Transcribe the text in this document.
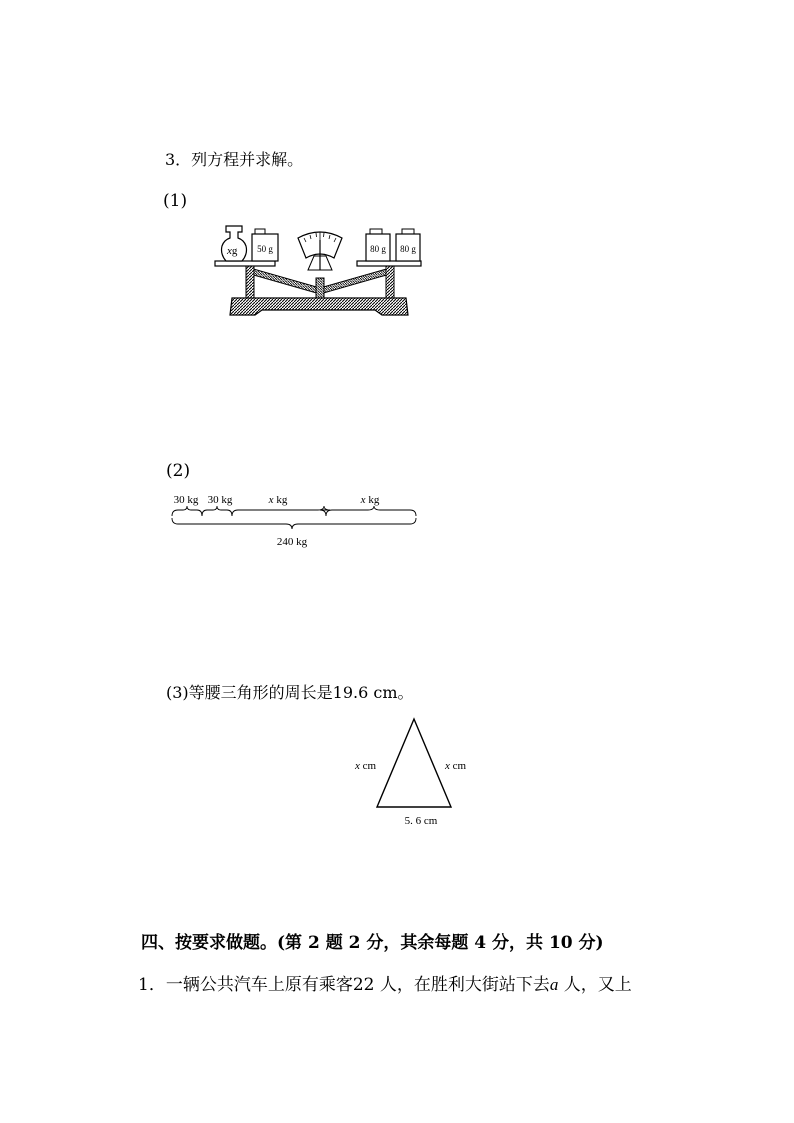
3．列方程并求解。
(1)
xg 50 g	80 g 80 g
(2)
30 kg 30 kg	x kg	x kg
240 kg
(3)等腰三角形的周长是19.6 cm。
x cm	x cm
5. 6 cm
四、按要求做题。(第 2 题 2 分，其余每题 4 分，共 10 分)
1．一辆公共汽车上原有乘客22 人，在胜利大街站下去a 人，又上
